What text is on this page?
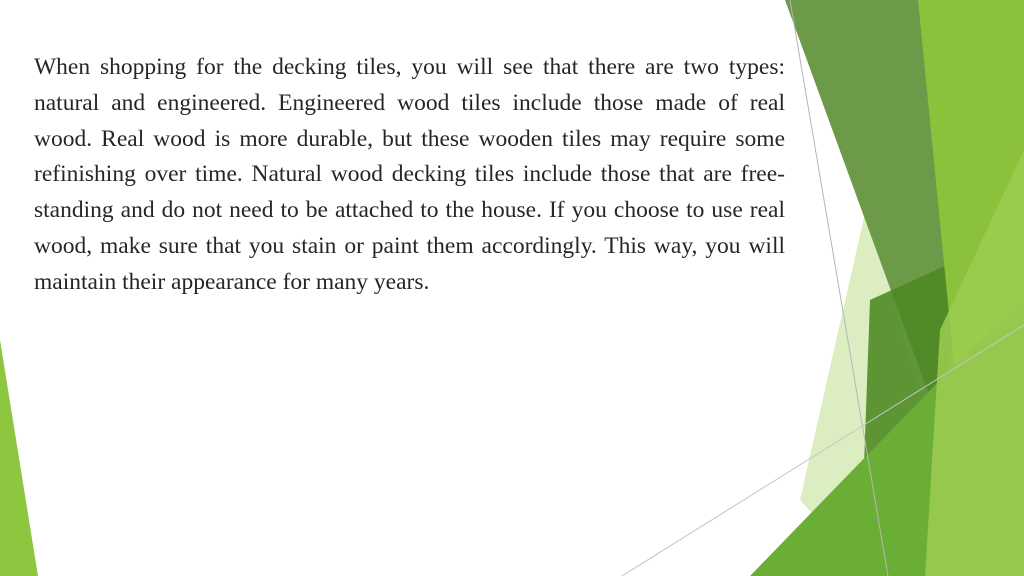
When shopping for the decking tiles, you will see that there are two types: natural and engineered. Engineered wood tiles include those made of real wood. Real wood is more durable, but these wooden tiles may require some refinishing over time. Natural wood decking tiles include those that are free-standing and do not need to be attached to the house. If you choose to use real wood, make sure that you stain or paint them accordingly. This way, you will maintain their appearance for many years.
